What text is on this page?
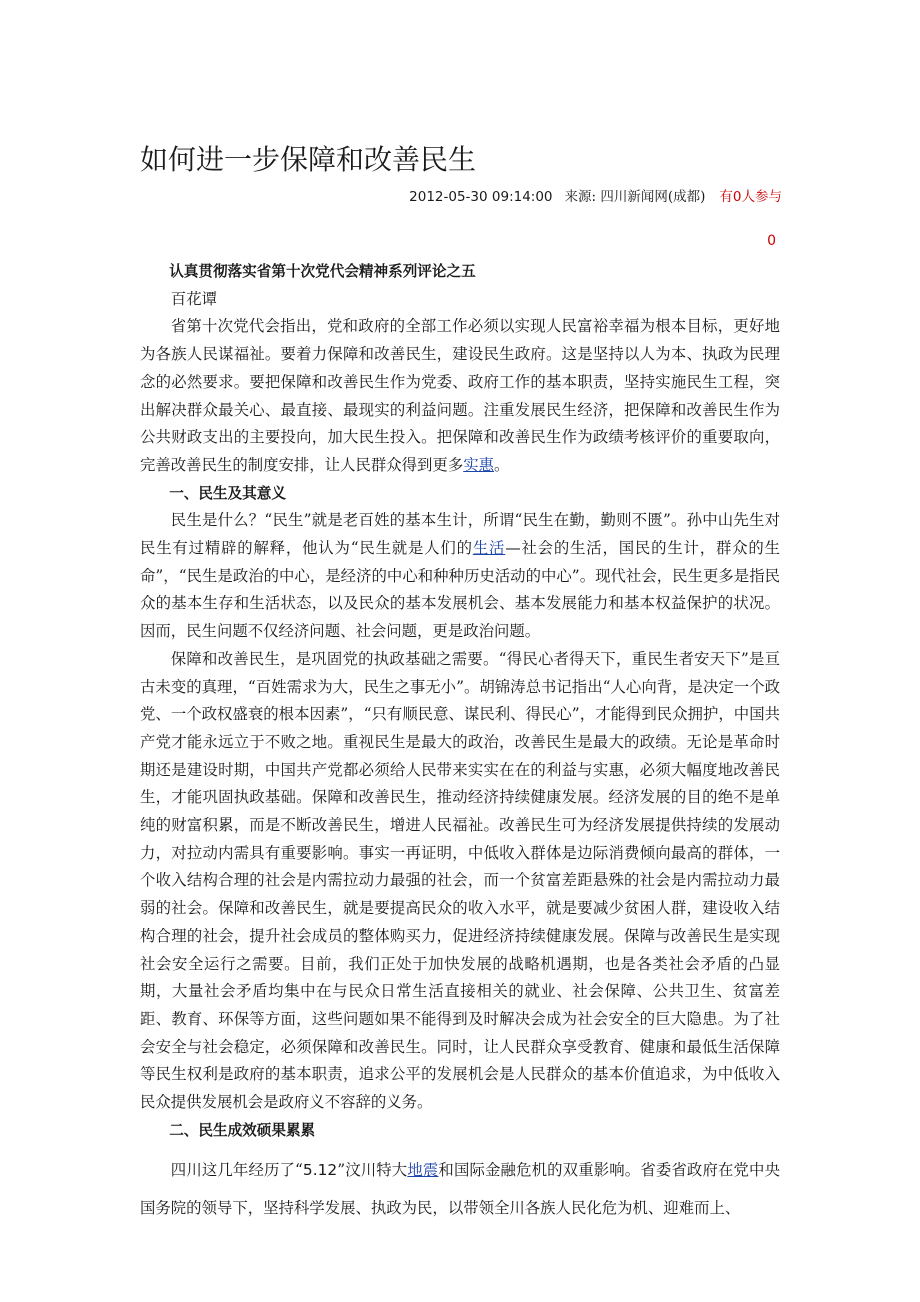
如何进一步保障和改善民生
2012-05-30 09:14:00 来源: 四川新闻网(成都) 有0人参与
0

认真贯彻落实省第十次党代会精神系列评论之五

百花谭

省第十次党代会指出，党和政府的全部工作必须以实现人民富裕幸福为根本目标，更好地为各族人民谋福祉。要着力保障和改善民生，建设民生政府。这是坚持以人为本、执政为民理念的必然要求。要把保障和改善民生作为党委、政府工作的基本职责，坚持实施民生工程，突出解决群众最关心、最直接、最现实的利益问题。注重发展民生经济，把保障和改善民生作为公共财政支出的主要投向，加大民生投入。把保障和改善民生作为政绩考核评价的重要取向，完善改善民生的制度安排，让人民群众得到更多实惠。

一、民生及其意义

民生是什么？“民生”就是老百姓的基本生计，所谓“民生在勤，勤则不匮”。孙中山先生对民生有过精辟的解释，他认为“民生就是人们的生活—社会的生活，国民的生计，群众的生命”，“民生是政治的中心，是经济的中心和种种历史活动的中心”。现代社会，民生更多是指民众的基本生存和生活状态，以及民众的基本发展机会、基本发展能力和基本权益保护的状况。因而，民生问题不仅经济问题、社会问题，更是政治问题。

保障和改善民生，是巩固党的执政基础之需要。“得民心者得天下，重民生者安天下”是亘古未变的真理，“百姓需求为大，民生之事无小”。胡锦涛总书记指出“人心向背，是决定一个政党、一个政权盛衰的根本因素”，“只有顺民意、谋民利、得民心”，才能得到民众拥护，中国共产党才能永远立于不败之地。重视民生是最大的政治，改善民生是最大的政绩。无论是革命时期还是建设时期，中国共产党都必须给人民带来实实在在的利益与实惠，必须大幅度地改善民生，才能巩固执政基础。保障和改善民生，推动经济持续健康发展。经济发展的目的绝不是单纯的财富积累，而是不断改善民生，增进人民福祉。改善民生可为经济发展提供持续的发展动力，对拉动内需具有重要影响。事实一再证明，中低收入群体是边际消费倾向最高的群体，一个收入结构合理的社会是内需拉动力最强的社会，而一个贫富差距悬殊的社会是内需拉动力最弱的社会。保障和改善民生，就是要提高民众的收入水平，就是要减少贫困人群，建设收入结构合理的社会，提升社会成员的整体购买力，促进经济持续健康发展。保障与改善民生是实现社会安全运行之需要。目前，我们正处于加快发展的战略机遇期，也是各类社会矛盾的凸显期，大量社会矛盾均集中在与民众日常生活直接相关的就业、社会保障、公共卫生、贫富差距、教育、环保等方面，这些问题如果不能得到及时解决会成为社会安全的巨大隐患。为了社会安全与社会稳定，必须保障和改善民生。同时，让人民群众享受教育、健康和最低生活保障等民生权利是政府的基本职责，追求公平的发展机会是人民群众的基本价值追求，为中低收入民众提供发展机会是政府义不容辞的义务。

二、民生成效硕果累累

四川这几年经历了“5.12”汶川特大地震和国际金融危机的双重影响。省委省政府在党中央国务院的领导下，坚持科学发展、执政为民，以带领全川各族人民化危为机、迎难而上、
